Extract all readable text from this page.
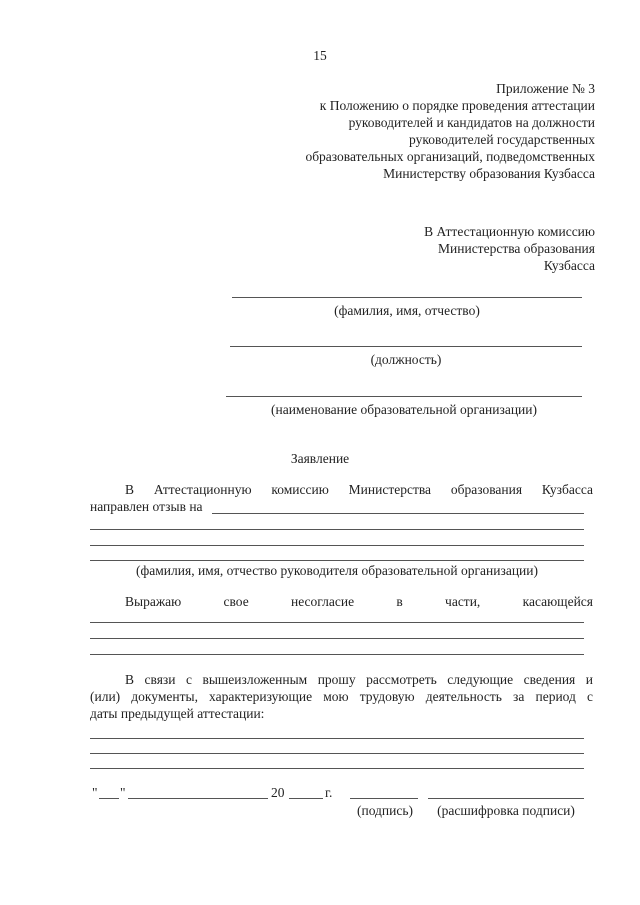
15
Приложение № 3
к Положению о порядке проведения аттестации
руководителей и кандидатов на должности
руководителей государственных
образовательных организаций, подведомственных
Министерству образования Кузбасса
В Аттестационную комиссию
Министерства образования
Кузбасса
(фамилия, имя, отчество)
(должность)
(наименование образовательной организации)
Заявление
В Аттестационную комиссию Министерства образования Кузбасса
направлен отзыв на
(фамилия, имя, отчество руководителя образовательной организации)
Выражаю свое несогласие в части, касающейся
В связи с вышеизложенным прошу рассмотреть следующие сведения и
(или) документы, характеризующие мою трудовую деятельность за период с
даты предыдущей аттестации:
" "	20	г.
(подпись)	(расшифровка подписи)
